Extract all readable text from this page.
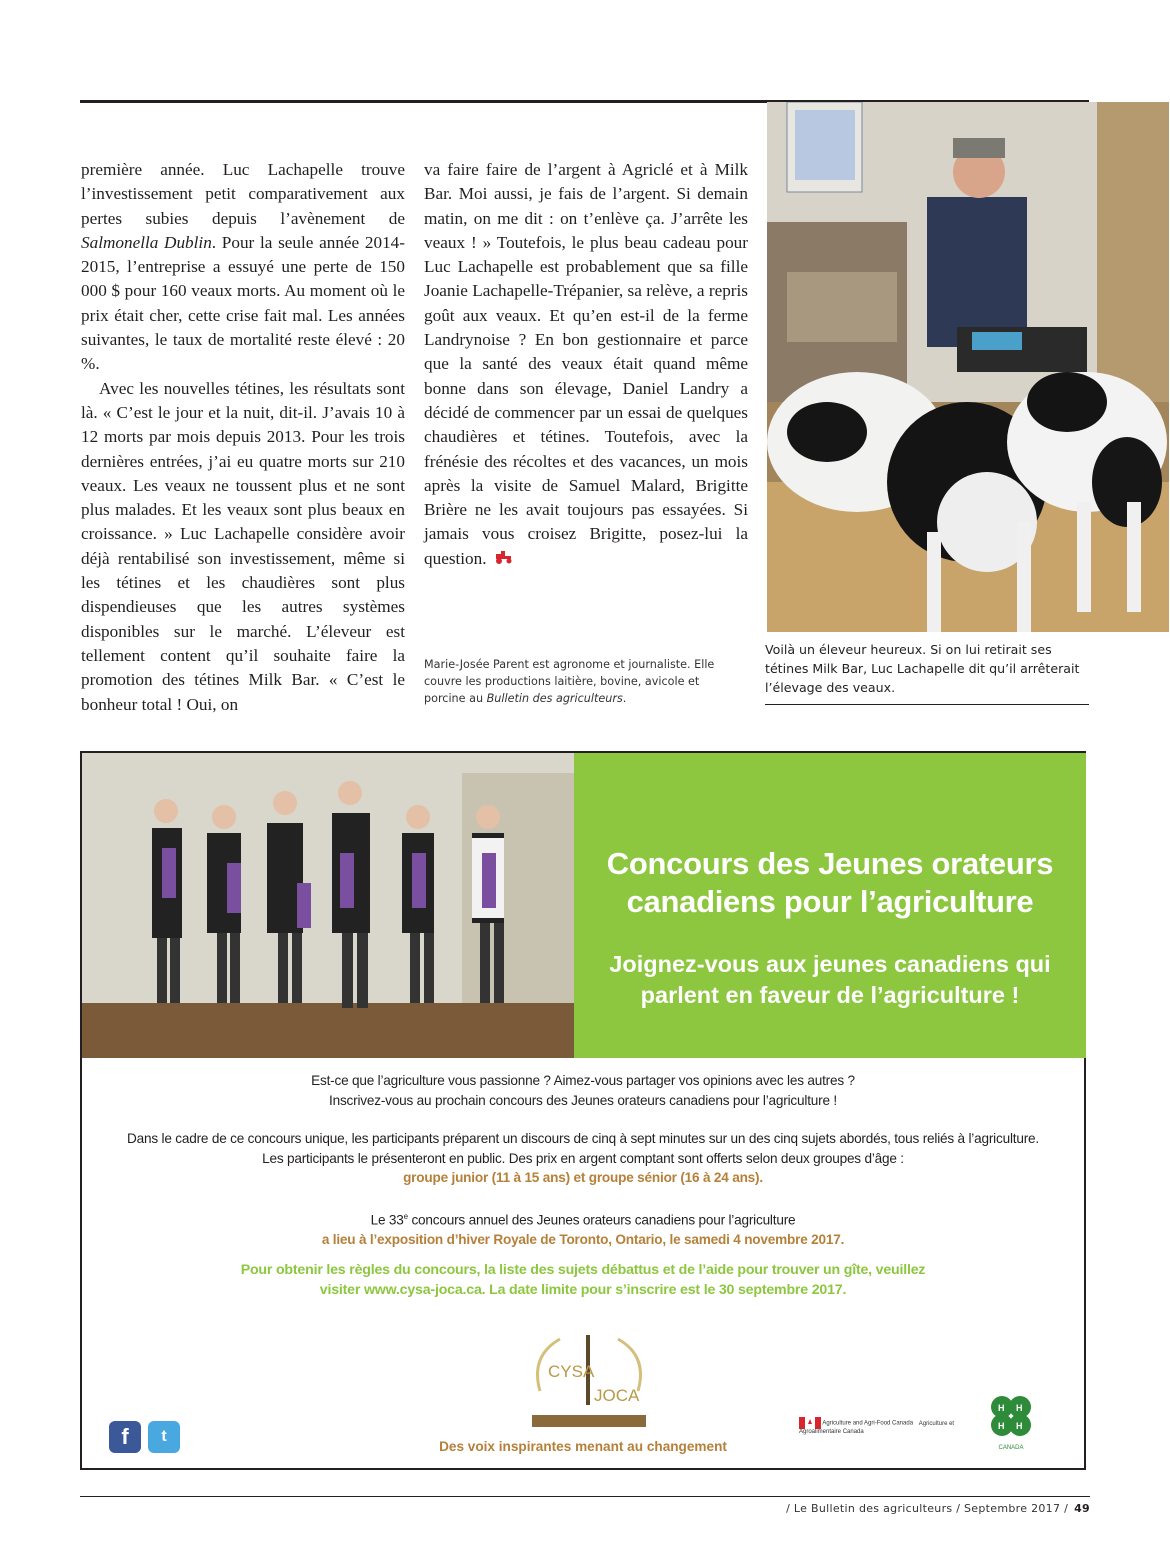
première année. Luc Lachapelle trouve l’investissement petit comparativement aux pertes subies depuis l’avènement de Salmonella Dublin. Pour la seule année 2014-2015, l’entreprise a essuyé une perte de 150 000 $ pour 160 veaux morts. Au moment où le prix était cher, cette crise fait mal. Les années suivantes, le taux de mortalité reste élevé : 20 %.

Avec les nouvelles tétines, les résultats sont là. « C’est le jour et la nuit, dit-il. J’avais 10 à 12 morts par mois depuis 2013. Pour les trois dernières entrées, j’ai eu quatre morts sur 210 veaux. Les veaux ne toussent plus et ne sont plus malades. Et les veaux sont plus beaux en croissance. » Luc Lachapelle considère avoir déjà rentabilisé son investissement, même si les tétines et les chaudières sont plus dispendieuses que les autres systèmes disponibles sur le marché. L’éleveur est tellement content qu’il souhaite faire la promotion des tétines Milk Bar. « C’est le bonheur total ! Oui, on

va faire faire de l’argent à Agriclé et à Milk Bar. Moi aussi, je fais de l’argent. Si demain matin, on me dit : on t’enlève ça. J’arrête les veaux ! » Toutefois, le plus beau cadeau pour Luc Lachapelle est probablement que sa fille Joanie Lachapelle-Trépanier, sa relève, a repris goût aux veaux. Et qu’en est-il de la ferme Landrynoise ? En bon gestionnaire et parce que la santé des veaux était quand même bonne dans son élevage, Daniel Landry a décidé de commencer par un essai de quelques chaudières et tétines. Toutefois, avec la frénésie des récoltes et des vacances, un mois après la visite de Samuel Malard, Brigitte Brière ne les avait toujours pas essayées. Si jamais vous croisez Brigitte, posez-lui la question.

Marie-Josée Parent est agronome et journaliste. Elle couvre les productions laitière, bovine, avicole et porcine au Bulletin des agriculteurs.
Voilà un éleveur heureux. Si on lui retirait ses tétines Milk Bar, Luc Lachapelle dit qu’il arrêterait l’élevage des veaux.
Concours des Jeunes orateurs canadiens pour l’agriculture
Joignez-vous aux jeunes canadiens qui parlent en faveur de l’agriculture !

Est-ce que l’agriculture vous passionne ? Aimez-vous partager vos opinions avec les autres ?

Inscrivez-vous au prochain concours des Jeunes orateurs canadiens pour l’agriculture !

Dans le cadre de ce concours unique, les participants préparent un discours de cinq à sept minutes sur un des cinq sujets abordés, tous reliés à l’agriculture.

Les participants le présenteront en public. Des prix en argent comptant sont offerts selon deux groupes d’âge :

groupe junior (11 à 15 ans) et groupe sénior (16 à 24 ans).

Le 33e concours annuel des Jeunes orateurs canadiens pour l’agriculture

a lieu à l’exposition d’hiver Royale de Toronto, Ontario, le samedi 4 novembre 2017.

Pour obtenir les règles du concours, la liste des sujets débattus et de l’aide pour trouver un gîte, veuillez

visiter www.cysa-joca.ca. La date limite pour s’inscrire est le 30 septembre 2017.

CYSA
JOCA
f	t
Agriculture and Agri-Food Canada Agriculture et Agroalimentaire Canada
H H
H H
CANADA
Des voix inspirantes menant au changement
/ Le Bulletin des agriculteurs / Septembre 2017 / 49
